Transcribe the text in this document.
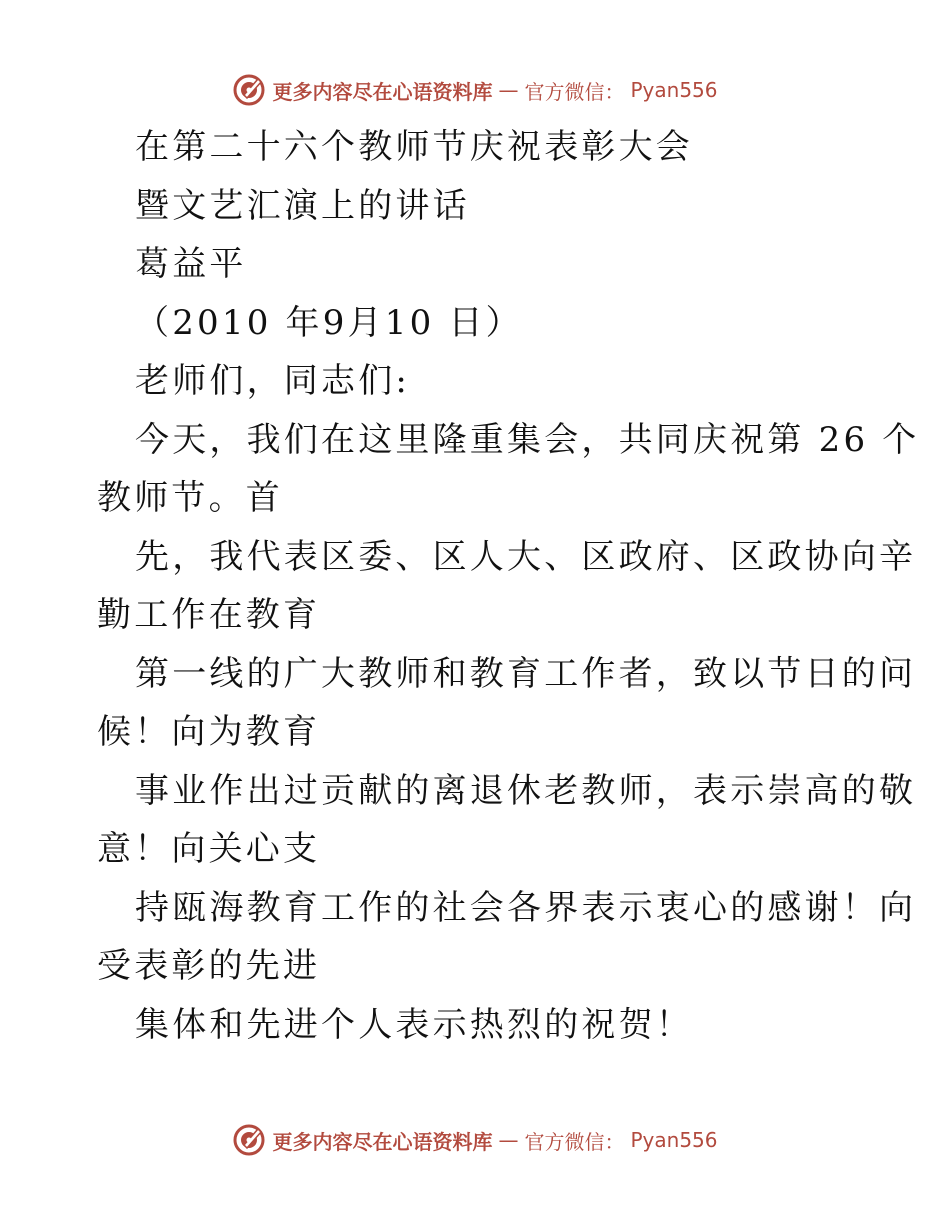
更多内容尽在心语资料库 — 官方微信： Pyan556
在第二十六个教师节庆祝表彰大会
暨文艺汇演上的讲话
葛益平
（2010 年9月10 日）
老师们，同志们:
今天，我们在这里隆重集会，共同庆祝第 26 个
教师节。首
先，我代表区委、区人大、区政府、区政协向辛
勤工作在教育
第一线的广大教师和教育工作者，致以节日的问
候！向为教育
事业作出过贡献的离退休老教师，表示崇高的敬
意！向关心支
持瓯海教育工作的社会各界表示衷心的感谢！向
受表彰的先进
集体和先进个人表示热烈的祝贺！
更多内容尽在心语资料库 — 官方微信： Pyan556
